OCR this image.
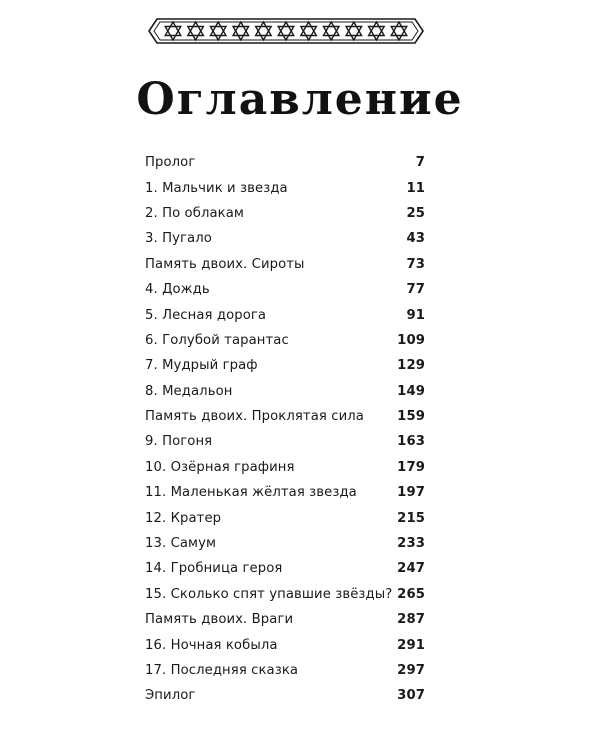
Оглавление
Пролог	7
1. Мальчик и звезда	11
2. По облакам	25
3. Пугало	43
Память двоих. Сироты	73
4. Дождь	77
5. Лесная дорога	91
6. Голубой тарантас	109
7. Мудрый граф	129
8. Медальон	149
Память двоих. Проклятая сила	159
9. Погоня	163
10. Озёрная графиня	179
11. Маленькая жёлтая звезда	197
12. Кратер	215
13. Самум	233
14. Гробница героя	247
15. Сколько спят упавшие звёзды? 265
Память двоих. Враги	287
16. Ночная кобыла	291
17. Последняя сказка	297
Эпилог	307
